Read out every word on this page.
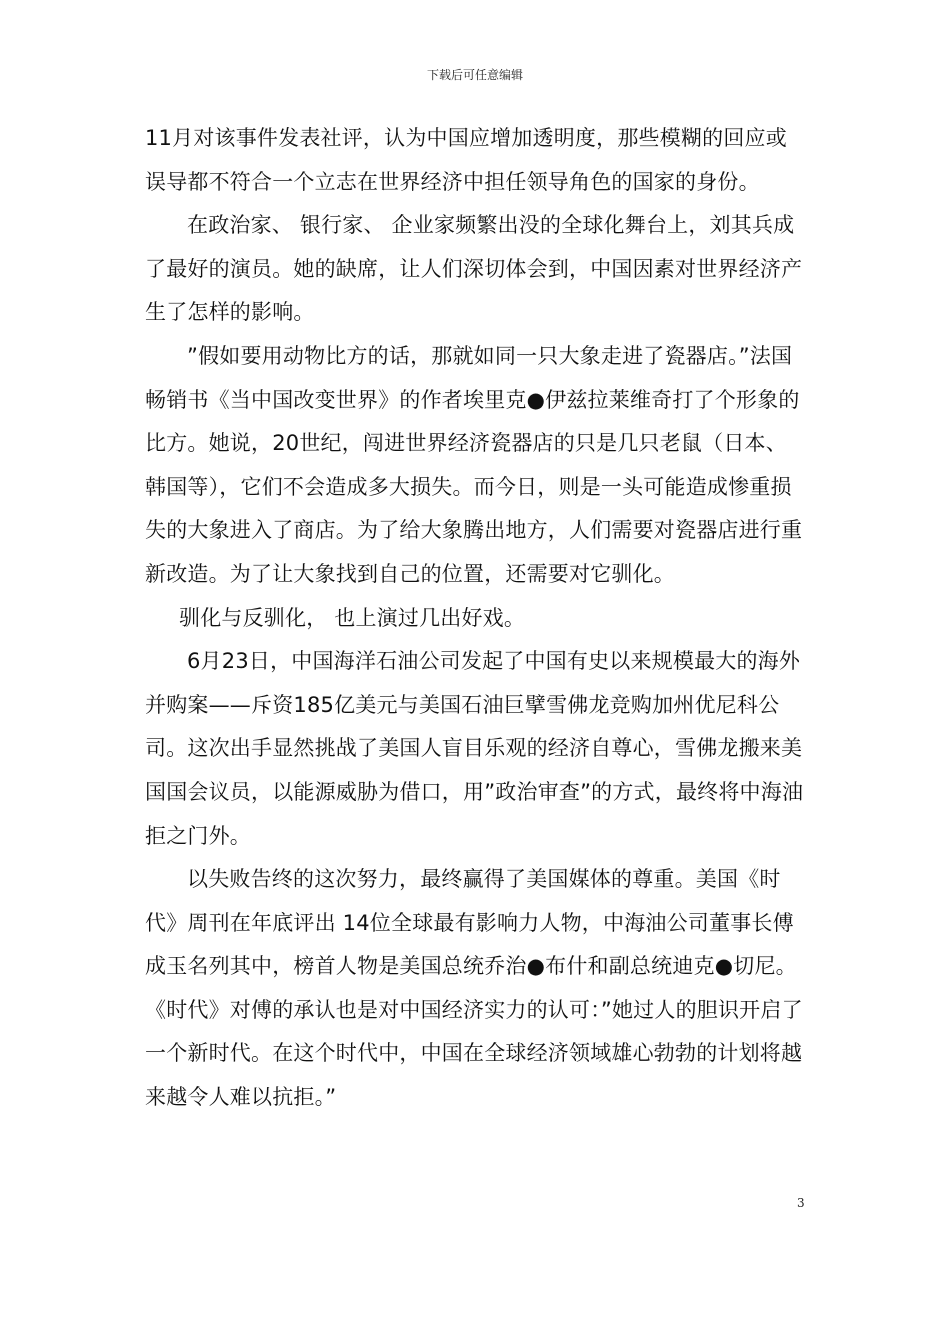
下载后可任意编辑

11月对该事件发表社评，认为中国应增加透明度，那些模糊的回应或误导都不符合一个立志在世界经济中担任领导角色的国家的身份。

在政治家、 银行家、 企业家频繁出没的全球化舞台上，刘其兵成了最好的演员。她的缺席，让人们深切体会到，中国因素对世界经济产生了怎样的影响。

”假如要用动物比方的话，那就如同一只大象走进了瓷器店。”法国畅销书《当中国改变世界》的作者埃里克●伊兹拉莱维奇打了个形象的比方。她说，20世纪，闯进世界经济瓷器店的只是几只老鼠（日本、 韩国等），它们不会造成多大损失。而今日，则是一头可能造成惨重损失的大象进入了商店。为了给大象腾出地方，人们需要对瓷器店进行重新改造。为了让大象找到自己的位置，还需要对它驯化。

驯化与反驯化， 也上演过几出好戏。

6月23日，中国海洋石油公司发起了中国有史以来规模最大的海外并购案——斥资185亿美元与美国石油巨擘雪佛龙竞购加州优尼科公司。这次出手显然挑战了美国人盲目乐观的经济自尊心，雪佛龙搬来美国国会议员，以能源威胁为借口，用”政治审查”的方式，最终将中海油拒之门外。

以失败告终的这次努力，最终赢得了美国媒体的尊重。美国《时代》周刊在年底评出 14位全球最有影响力人物，中海油公司董事长傅成玉名列其中，榜首人物是美国总统乔治●布什和副总统迪克●切尼。《时代》对傅的承认也是对中国经济实力的认可：”她过人的胆识开启了一个新时代。在这个时代中，中国在全球经济领域雄心勃勃的计划将越来越令人难以抗拒。”

3
